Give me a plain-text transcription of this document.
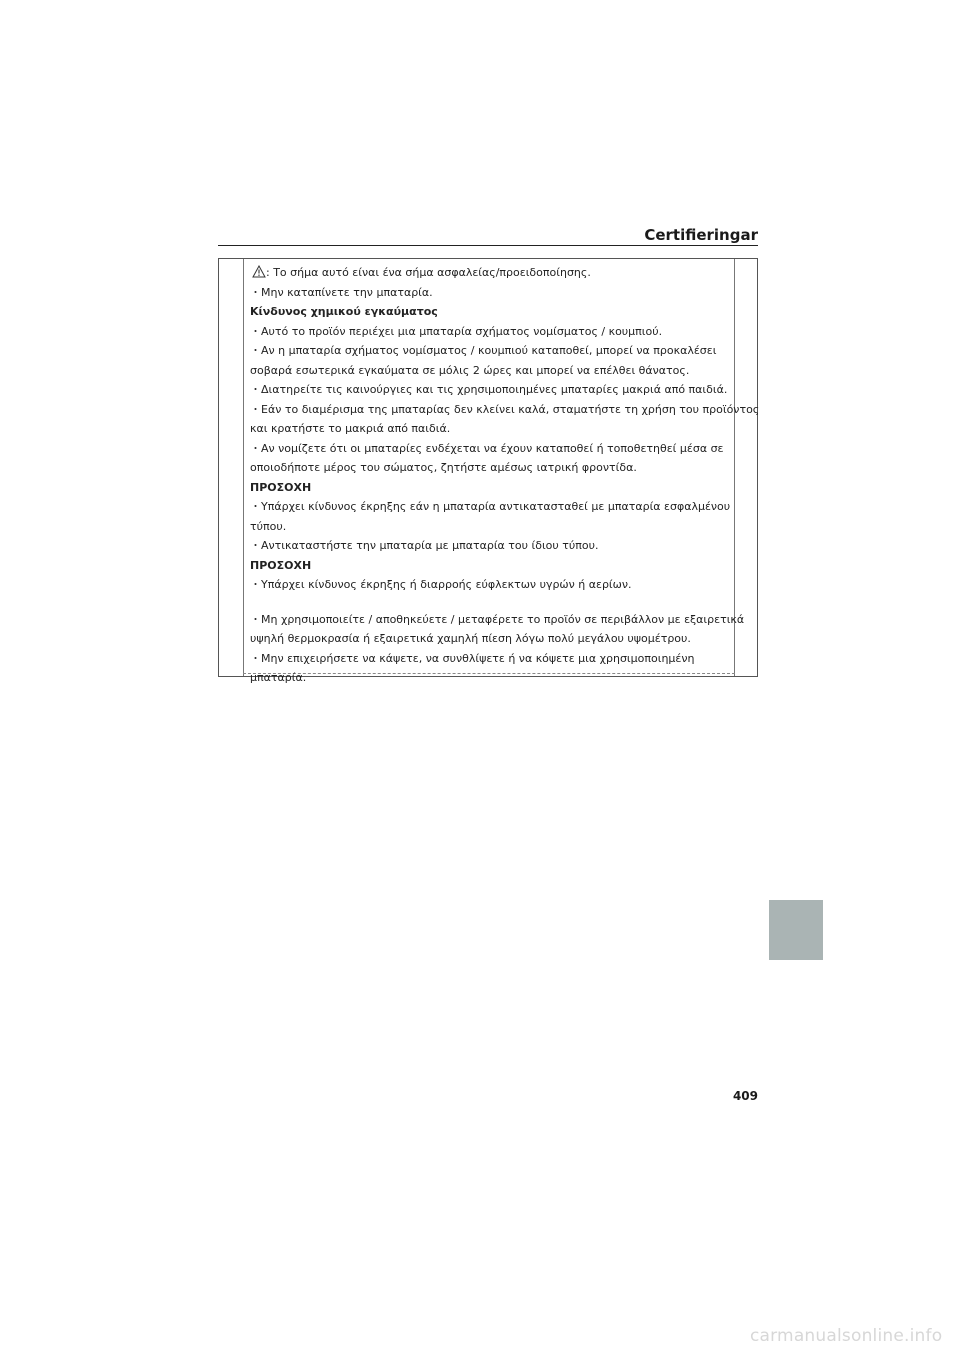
Certifieringar

: Το σήμα αυτό είναι ένα σήμα ασφαλείας/προειδοποίησης.

・Μην καταπίνετε την μπαταρία.

Κίνδυνος χημικού εγκαύματος

・Αυτό το προϊόν περιέχει μια μπαταρία σχήματος νομίσματος / κουμπιού.

・Αν η μπαταρία σχήματος νομίσματος / κουμπιού καταποθεί, μπορεί να προκαλέσει

σοβαρά εσωτερικά εγκαύματα σε μόλις 2 ώρες και μπορεί να επέλθει θάνατος.

・Διατηρείτε τις καινούργιες και τις χρησιμοποιημένες μπαταρίες μακριά από παιδιά.

・Εάν το διαμέρισμα της μπαταρίας δεν κλείνει καλά, σταματήστε τη χρήση του προϊόντος

και κρατήστε το μακριά από παιδιά.

・Αν νομίζετε ότι οι μπαταρίες ενδέχεται να έχουν καταποθεί ή τοποθετηθεί μέσα σε

οποιοδήποτε μέρος του σώματος, ζητήστε αμέσως ιατρική φροντίδα.

ΠΡΟΣΟΧΗ

・Υπάρχει κίνδυνος έκρηξης εάν η μπαταρία αντικατασταθεί με μπαταρία εσφαλμένου

τύπου.

・Αντικαταστήστε την μπαταρία με μπαταρία του ίδιου τύπου.

ΠΡΟΣΟΧΗ

・Υπάρχει κίνδυνος έκρηξης ή διαρροής εύφλεκτων υγρών ή αερίων.

・Μη χρησιμοποιείτε / αποθηκεύετε / μεταφέρετε το προϊόν σε περιβάλλον με εξαιρετικά

υψηλή θερμοκρασία ή εξαιρετικά χαμηλή πίεση λόγω πολύ μεγάλου υψομέτρου.

・Μην επιχειρήσετε να κάψετε, να συνθλίψετε ή να κόψετε μια χρησιμοποιημένη

μπαταρία.

409
carmanualsonline.info
